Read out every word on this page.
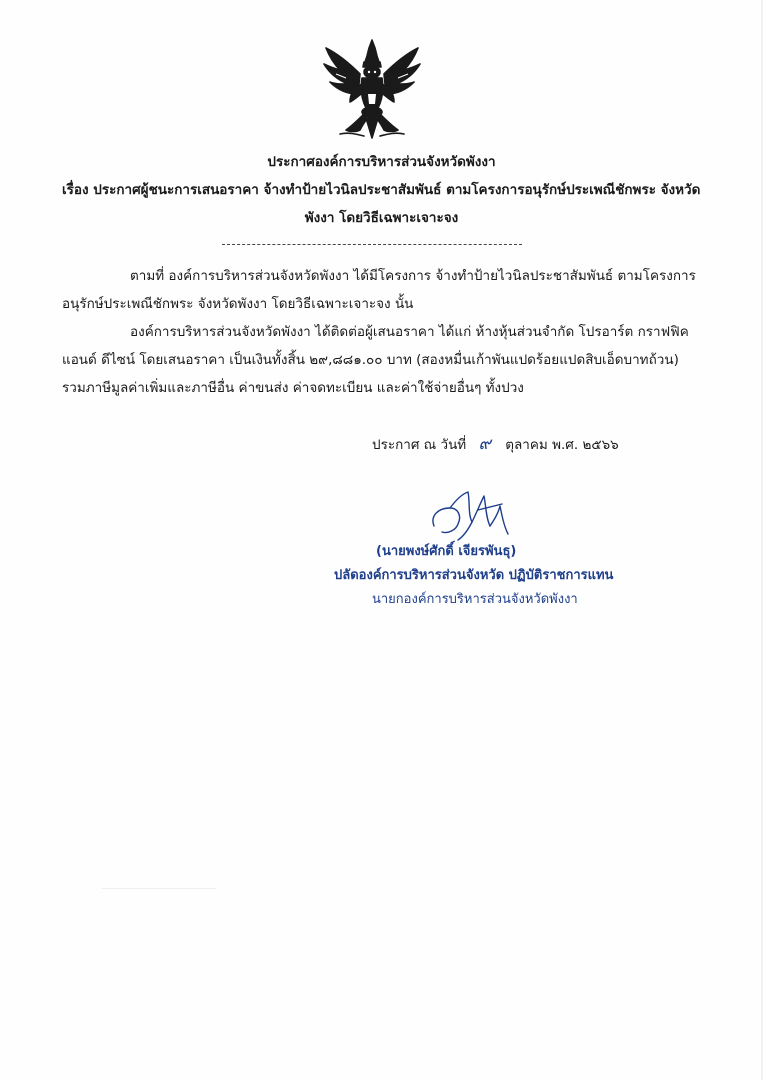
ประกาศองค์การบริหารส่วนจังหวัดพังงา
เรื่อง ประกาศผู้ชนะการเสนอราคา จ้างทำป้ายไวนิลประชาสัมพันธ์ ตามโครงการอนุรักษ์ประเพณีชักพระ จังหวัด
พังงา โดยวิธีเฉพาะเจาะจง
ตามที่ องค์การบริหารส่วนจังหวัดพังงา ได้มีโครงการ จ้างทำป้ายไวนิลประชาสัมพันธ์ ตามโครงการ
อนุรักษ์ประเพณีชักพระ จังหวัดพังงา โดยวิธีเฉพาะเจาะจง นั้น
องค์การบริหารส่วนจังหวัดพังงา ได้ติดต่อผู้เสนอราคา ได้แก่ ห้างหุ้นส่วนจำกัด โปรอาร์ต กราฟฟิค
แอนด์ ดีไซน์ โดยเสนอราคา เป็นเงินทั้งสิ้น ๒๙,๘๘๑.๐๐ บาท (สองหมื่นเก้าพันแปดร้อยแปดสิบเอ็ดบาทถ้วน)
รวมภาษีมูลค่าเพิ่มและภาษีอื่น ค่าขนส่ง ค่าจดทะเบียน และค่าใช้จ่ายอื่นๆ ทั้งปวง
ประกาศ ณ วันที่ ๙ ตุลาคม พ.ศ. ๒๕๖๖
(นายพงษ์ศักดิ์ เจียรพันธุ)
ปลัดองค์การบริหารส่วนจังหวัด ปฏิบัติราชการแทน
นายกองค์การบริหารส่วนจังหวัดพังงา
